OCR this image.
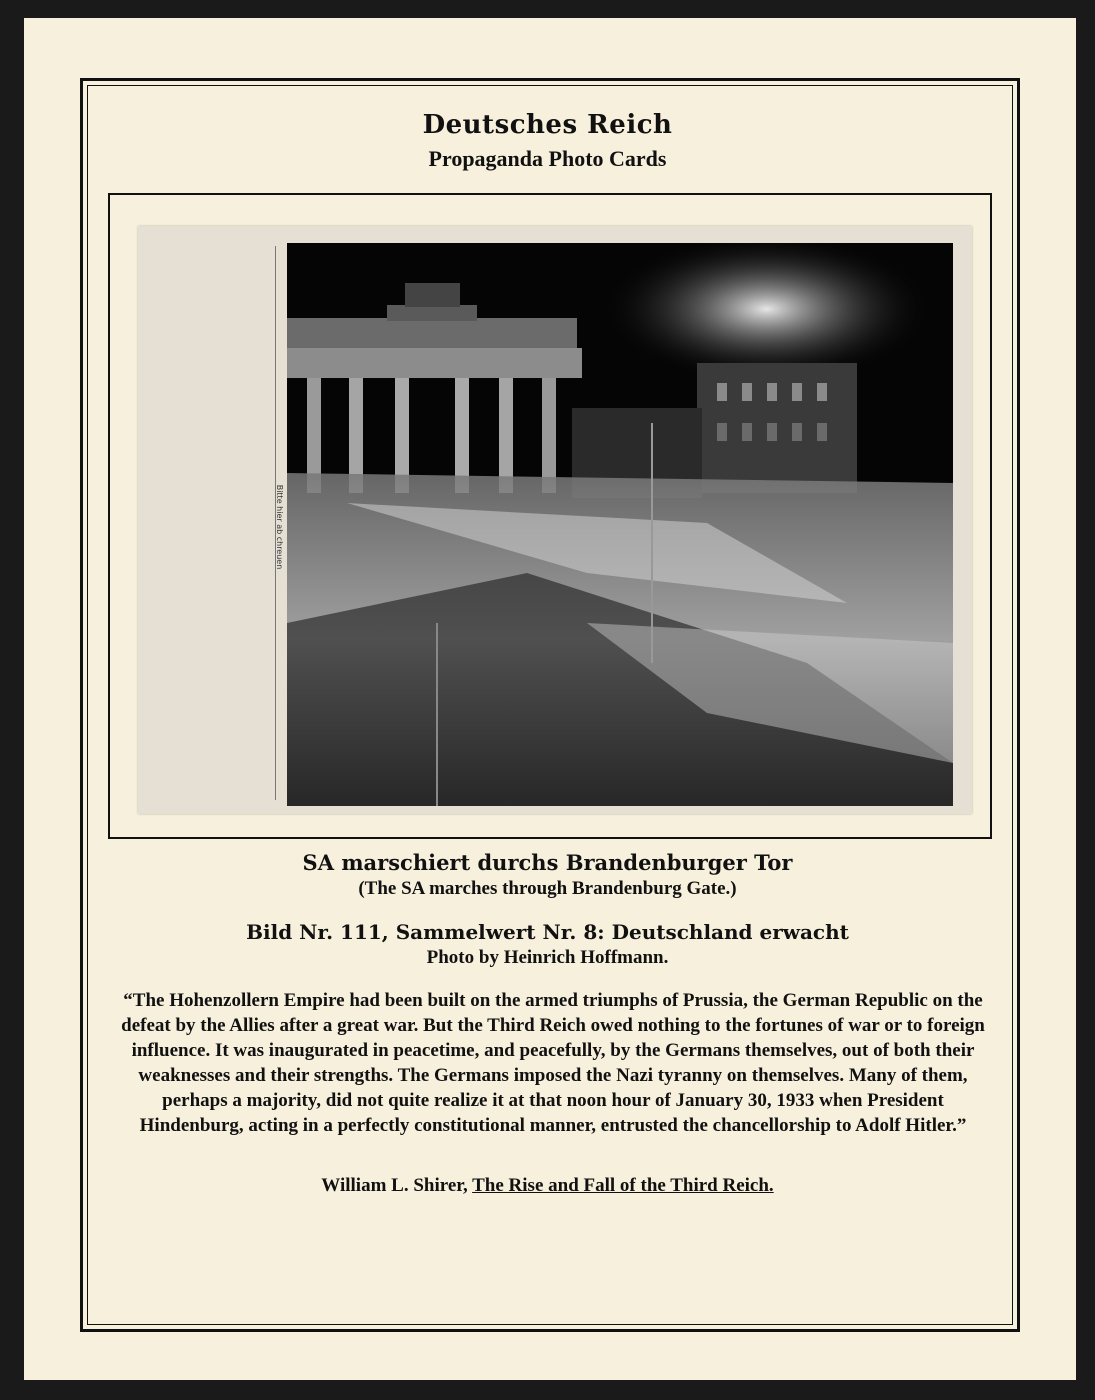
Deutsches Reich
Propaganda Photo Cards
Bitte hier ab chreuen
SA marschiert durchs Brandenburger Tor
(The SA marches through Brandenburg Gate.)
Bild Nr. 111, Sammelwert Nr. 8: Deutschland erwacht
Photo by Heinrich Hoffmann.
“The Hohenzollern Empire had been built on the armed triumphs of Prussia, the German Republic on the defeat by the Allies after a great war. But the Third Reich owed nothing to the fortunes of war or to foreign influence. It was inaugurated in peacetime, and peacefully, by the Germans themselves, out of both their weaknesses and their strengths. The Germans imposed the Nazi tyranny on themselves. Many of them, perhaps a majority, did not quite realize it at that noon hour of January 30, 1933 when President Hindenburg, acting in a perfectly constitutional manner, entrusted the chancellorship to Adolf Hitler.”
William L. Shirer, The Rise and Fall of the Third Reich.
